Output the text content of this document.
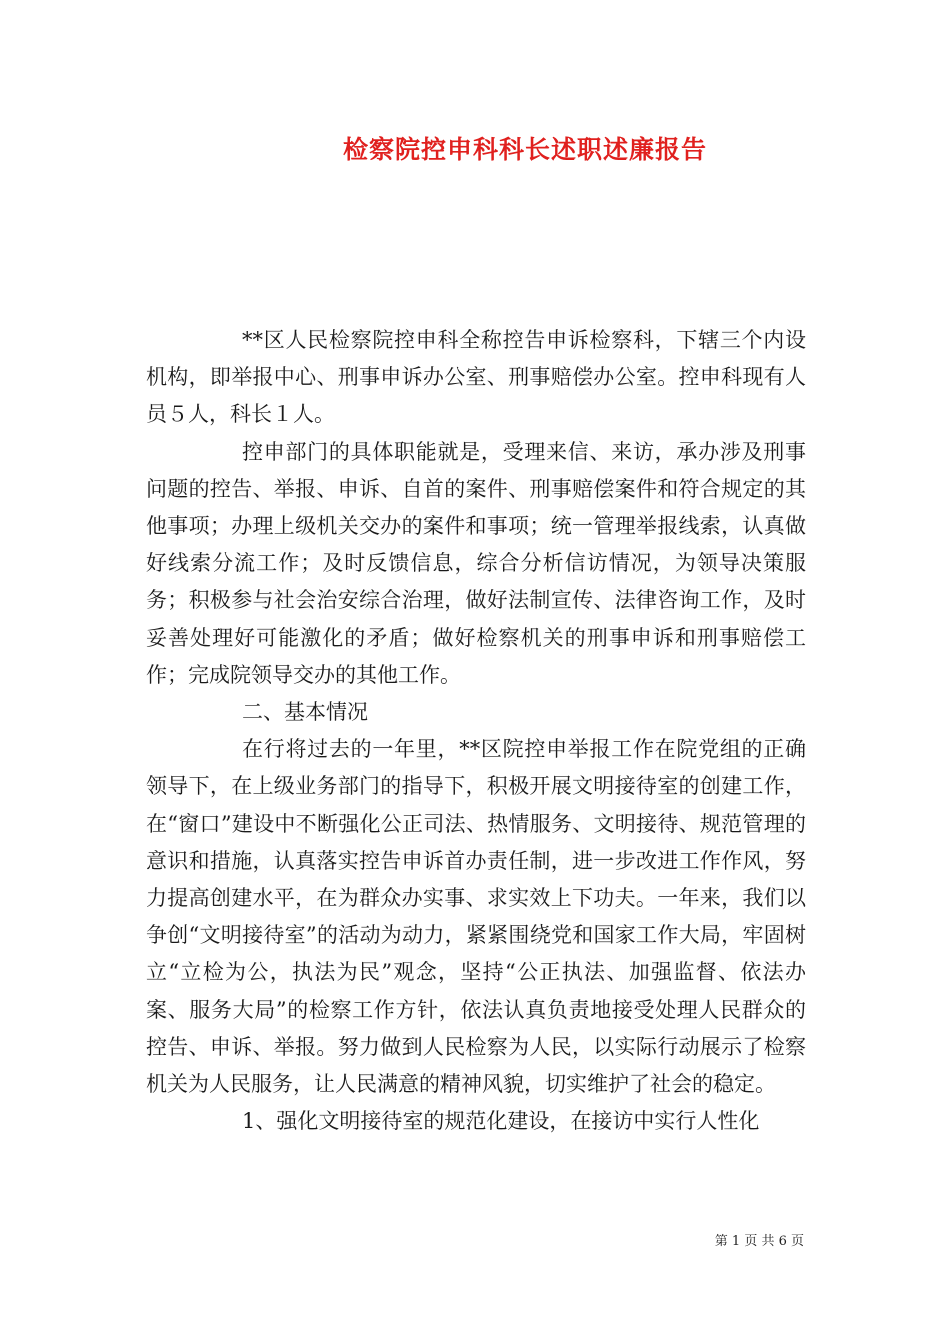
检察院控申科科长述职述廉报告

**区人民检察院控申科全称控告申诉检察科，下辖三个内设机构，即举报中心、刑事申诉办公室、刑事赔偿办公室。控申科现有人员５人，科长１人。

控申部门的具体职能就是，受理来信、来访，承办涉及刑事问题的控告、举报、申诉、自首的案件、刑事赔偿案件和符合规定的其他事项；办理上级机关交办的案件和事项；统一管理举报线索，认真做好线索分流工作；及时反馈信息，综合分析信访情况，为领导决策服务；积极参与社会治安综合治理，做好法制宣传、法律咨询工作，及时妥善处理好可能激化的矛盾；做好检察机关的刑事申诉和刑事赔偿工作；完成院领导交办的其他工作。

二、基本情况

在行将过去的一年里，**区院控申举报工作在院党组的正确领导下，在上级业务部门的指导下，积极开展文明接待室的创建工作，在“窗口”建设中不断强化公正司法、热情服务、文明接待、规范管理的意识和措施，认真落实控告申诉首办责任制，进一步改进工作作风，努力提高创建水平，在为群众办实事、求实效上下功夫。一年来，我们以争创“文明接待室”的活动为动力，紧紧围绕党和国家工作大局，牢固树立“立检为公，执法为民”观念，坚持“公正执法、加强监督、依法办案、服务大局”的检察工作方针，依法认真负责地接受处理人民群众的控告、申诉、举报。努力做到人民检察为人民，以实际行动展示了检察机关为人民服务，让人民满意的精神风貌，切实维护了社会的稳定。

1、强化文明接待室的规范化建设，在接访中实行人性化

第 1 页 共 6 页
